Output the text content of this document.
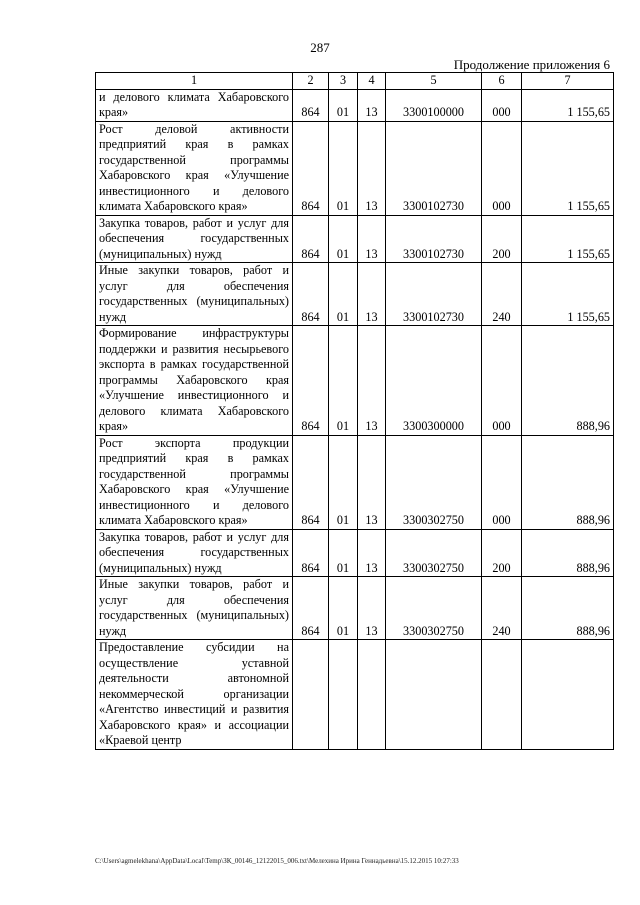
287
Продолжение приложения 6
1	2	3	4	5	6	7
и делового климата Хабаровского края»	864	01	13	3300100000	000	1 155,65
Рост деловой активности предприятий края в рамках государственной программы Хабаровского края «Улучшение инвестиционного и делового климата Хабаровского края»	864	01	13	3300102730	000	1 155,65
Закупка товаров, работ и услуг для обеспечения государственных (муниципальных) нужд	864	01	13	3300102730	200	1 155,65
Иные закупки товаров, работ и услуг для обеспечения государственных (муниципальных) нужд	864	01	13	3300102730	240	1 155,65
Формирование инфраструктуры поддержки и развития несырьевого экспорта в рамках государственной программы Хабаровского края «Улучшение инвестиционного и делового климата Хабаровского края»	864	01	13	3300300000	000	888,96
Рост экспорта продукции предприятий края в рамках государственной программы Хабаровского края «Улучшение инвестиционного и делового климата Хабаровского края»	864	01	13	3300302750	000	888,96
Закупка товаров, работ и услуг для обеспечения государственных (муниципальных) нужд	864	01	13	3300302750	200	888,96
Иные закупки товаров, работ и услуг для обеспечения государственных (муниципальных) нужд	864	01	13	3300302750	240	888,96
Предоставление субсидии на осуществление уставной деятельности автономной некоммерческой организации «Агентство инвестиций и развития Хабаровского края» и ассоциации «Краевой центр						
C:\Users\agmelekhana\AppData\Local\Temp\ЗК_00146_12122015_006.txt\Мелехина Ирина Геннадьевна\15.12.2015 10:27:33
